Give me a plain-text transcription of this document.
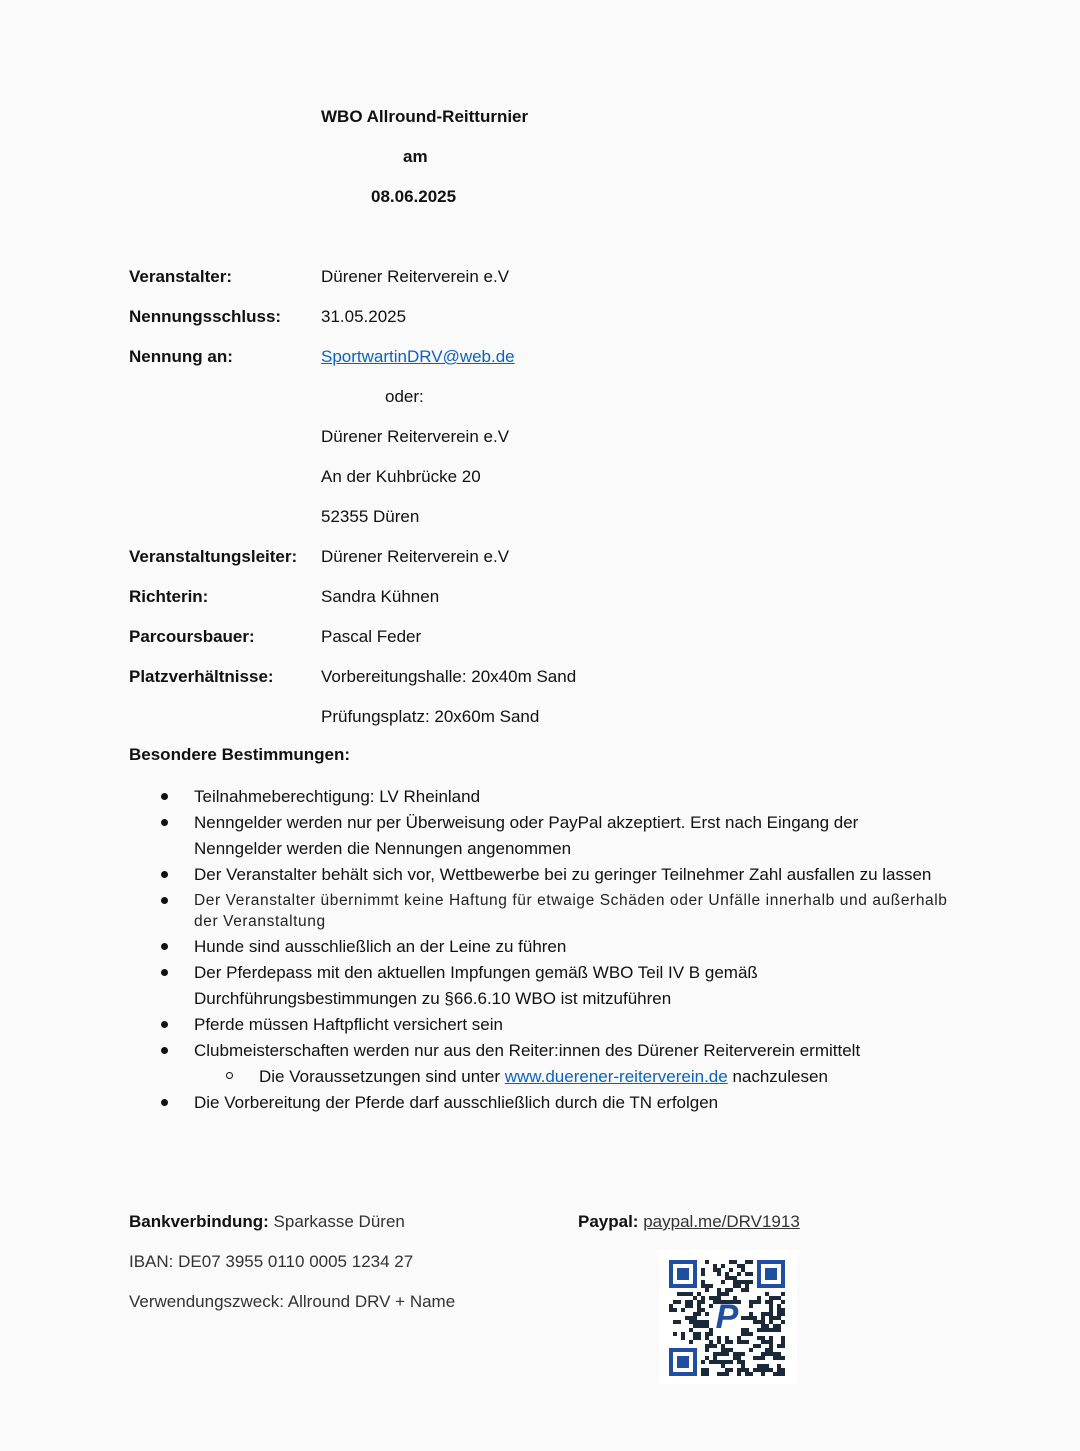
WBO Allround-Reitturnier
am
08.06.2025
Veranstalter:	Dürener Reiterverein e.V
Nennungsschluss: 31.05.2025
Nennung an:	SportwartinDRV@web.de
oder:
Dürener Reiterverein e.V
An der Kuhbrücke 20
52355 Düren
Veranstaltungsleiter: Dürener Reiterverein e.V
Richterin:	Sandra Kühnen
Parcoursbauer:	Pascal Feder
Platzverhältnisse:	Vorbereitungshalle: 20x40m Sand
Prüfungsplatz: 20x60m Sand
Besondere Bestimmungen:
Teilnahmeberechtigung: LV Rheinland
Nenngelder werden nur per Überweisung oder PayPal akzeptiert. Erst nach Eingang der Nenngelder werden die Nennungen angenommen
Der Veranstalter behält sich vor, Wettbewerbe bei zu geringer Teilnehmer Zahl ausfallen zu lassen
Der Veranstalter übernimmt keine Haftung für etwaige Schäden oder Unfälle innerhalb und außerhalb der Veranstaltung
Hunde sind ausschließlich an der Leine zu führen
Der Pferdepass mit den aktuellen Impfungen gemäß WBO Teil IV B gemäß Durchführungsbestimmungen zu §66.6.10 WBO ist mitzuführen
Pferde müssen Haftpflicht versichert sein
Clubmeisterschaften werden nur aus den Reiter:innen des Dürener Reiterverein ermittelt
Die Voraussetzungen sind unter www.duerener-reiterverein.de nachzulesen
Die Vorbereitung der Pferde darf ausschließlich durch die TN erfolgen
Bankverbindung: Sparkasse Düren
IBAN: DE07 3955 0110 0005 1234 27
Verwendungszweck: Allround DRV + Name
Paypal: paypal.me/DRV1913
P
